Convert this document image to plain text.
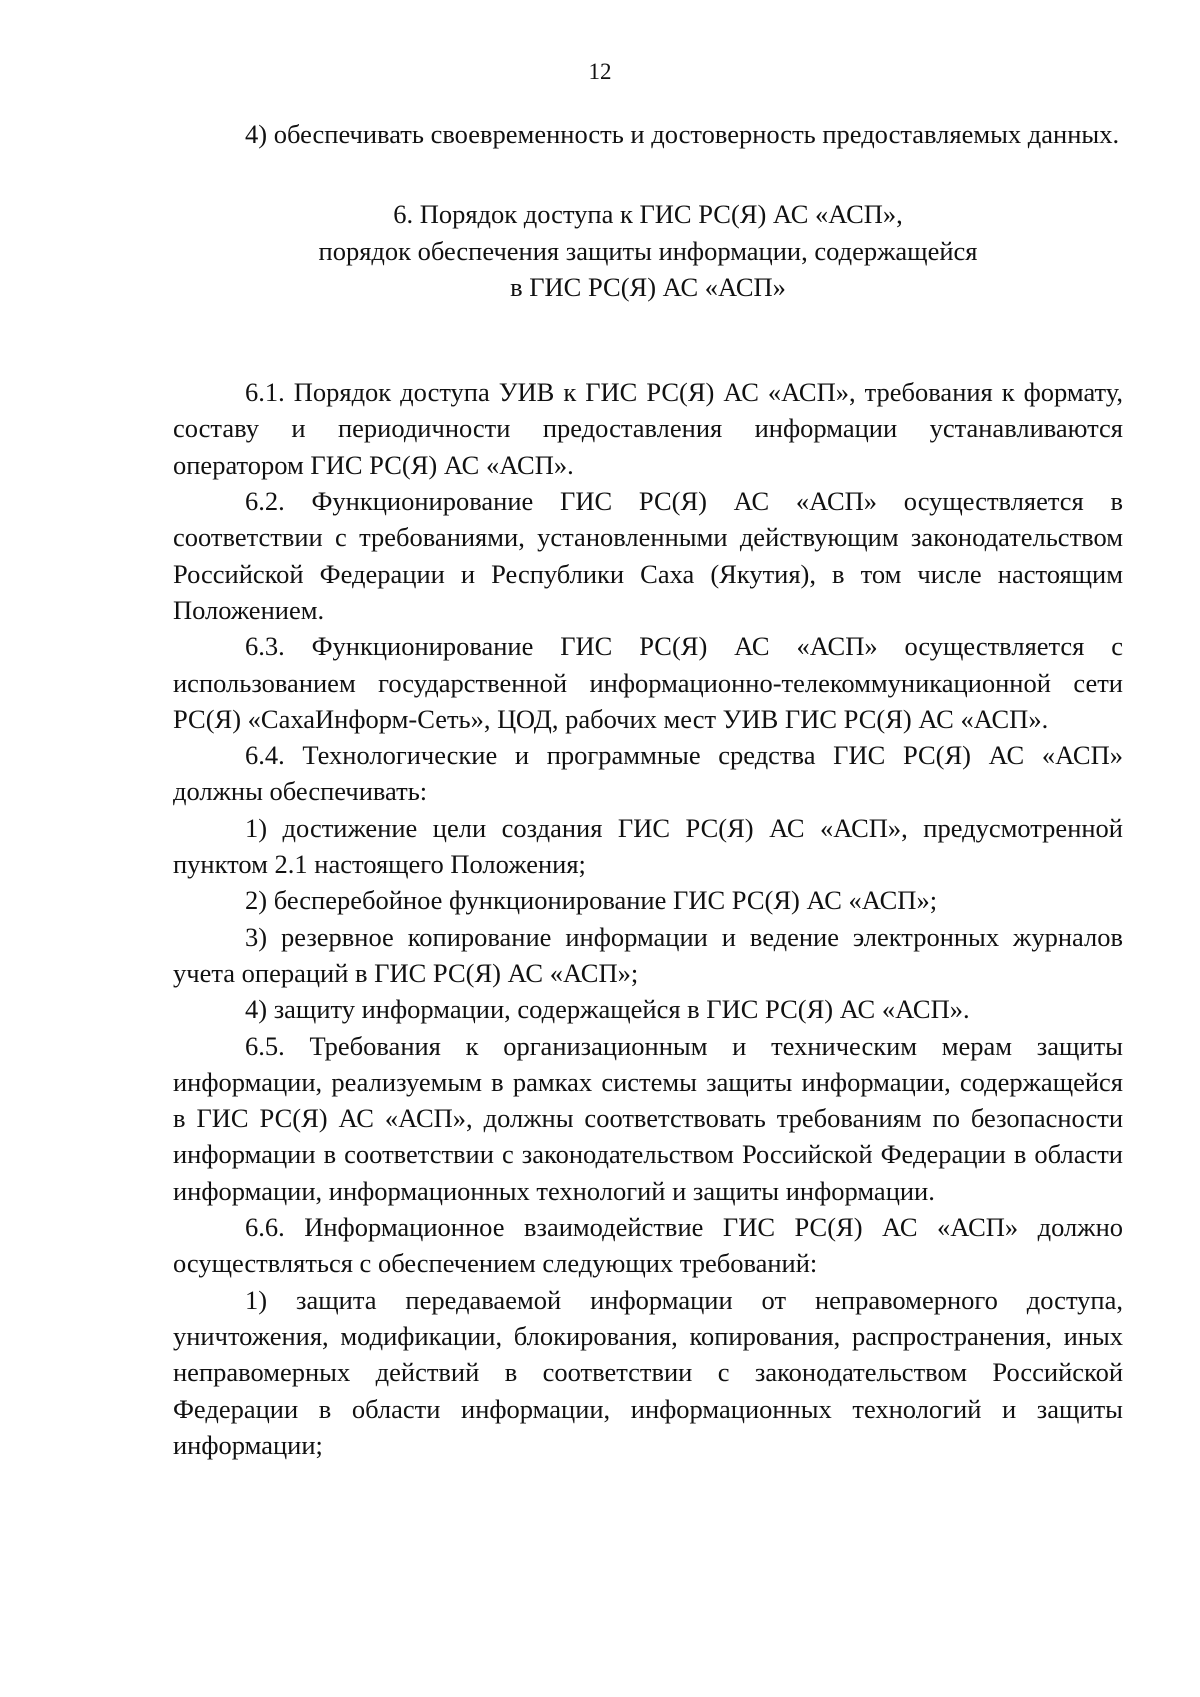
12

4) обеспечивать своевременность и достоверность предоставляемых данных.

6. Порядок доступа к ГИС РС(Я) АС «АСП»,
порядок обеспечения защиты информации, содержащейся
в ГИС РС(Я) АС «АСП»

6.1. Порядок доступа УИВ к ГИС РС(Я) АС «АСП», требования к формату, составу и периодичности предоставления информации устанавливаются оператором ГИС РС(Я) АС «АСП».

6.2. Функционирование ГИС РС(Я) АС «АСП» осуществляется в соответствии с требованиями, установленными действующим законодательством Российской Федерации и Республики Саха (Якутия), в том числе настоящим Положением.

6.3. Функционирование ГИС РС(Я) АС «АСП» осуществляется с использованием государственной информационно-телекоммуникационной сети РС(Я) «СахаИнформ-Сеть», ЦОД, рабочих мест УИВ ГИС РС(Я) АС «АСП».

6.4. Технологические и программные средства ГИС РС(Я) АС «АСП» должны обеспечивать:

1) достижение цели создания ГИС РС(Я) АС «АСП», предусмотренной пунктом 2.1 настоящего Положения;

2) бесперебойное функционирование ГИС РС(Я) АС «АСП»;

3) резервное копирование информации и ведение электронных журналов учета операций в ГИС РС(Я) АС «АСП»;

4) защиту информации, содержащейся в ГИС РС(Я) АС «АСП».

6.5. Требования к организационным и техническим мерам защиты информации, реализуемым в рамках системы защиты информации, содержащейся в ГИС РС(Я) АС «АСП», должны соответствовать требованиям по безопасности информации в соответствии с законодательством Российской Федерации в области информации, информационных технологий и защиты информации.

6.6. Информационное взаимодействие ГИС РС(Я) АС «АСП» должно осуществляться с обеспечением следующих требований:

1) защита передаваемой информации от неправомерного доступа, уничтожения, модификации, блокирования, копирования, распространения, иных неправомерных действий в соответствии с законодательством Российской Федерации в области информации, информационных технологий и защиты информации;
